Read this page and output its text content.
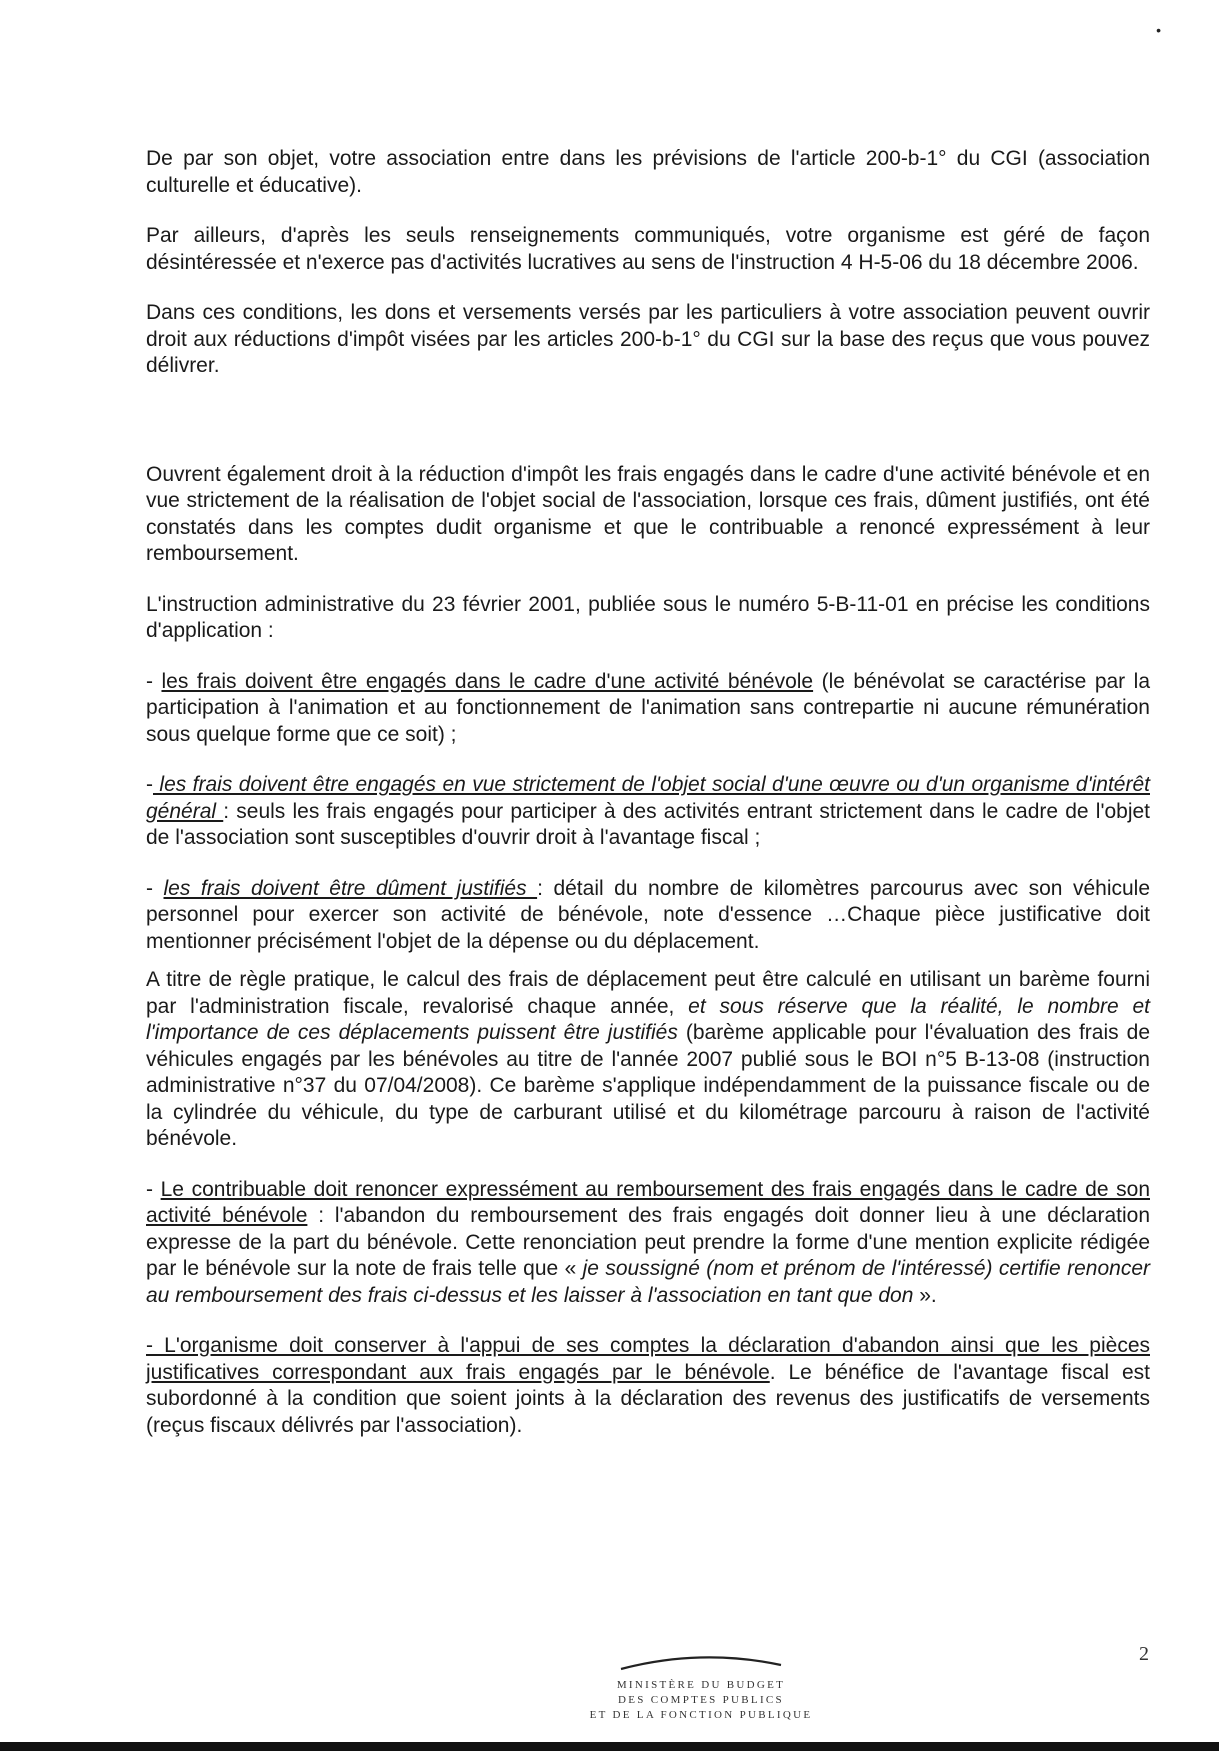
•

De par son objet, votre association entre dans les prévisions de l'article 200-b-1° du CGI (association culturelle et éducative).

Par ailleurs, d'après les seuls renseignements communiqués, votre organisme est géré de façon désintéressée et n'exerce pas d'activités lucratives au sens de l'instruction 4 H-5-06 du 18 décembre 2006.

Dans ces conditions, les dons et versements versés par les particuliers à votre association peuvent ouvrir droit aux réductions d'impôt visées par les articles 200-b-1° du CGI sur la base des reçus que vous pouvez délivrer.

Ouvrent également droit à la réduction d'impôt les frais engagés dans le cadre d'une activité bénévole et en vue strictement de la réalisation de l'objet social de l'association, lorsque ces frais, dûment justifiés, ont été constatés dans les comptes dudit organisme et que le contribuable a renoncé expressément à leur remboursement.

L'instruction administrative du 23 février 2001, publiée sous le numéro 5-B-11-01 en précise les conditions d'application :

- les frais doivent être engagés dans le cadre d'une activité bénévole (le bénévolat se caractérise par la participation à l'animation et au fonctionnement de l'animation sans contrepartie ni aucune rémunération sous quelque forme que ce soit) ;

- les frais doivent être engagés en vue strictement de l'objet social d'une œuvre ou d'un organisme d'intérêt général : seuls les frais engagés pour participer à des activités entrant strictement dans le cadre de l'objet de l'association sont susceptibles d'ouvrir droit à l'avantage fiscal ;

- les frais doivent être dûment justifiés : détail du nombre de kilomètres parcourus avec son véhicule personnel pour exercer son activité de bénévole, note d'essence …Chaque pièce justificative doit mentionner précisément l'objet de la dépense ou du déplacement.

A titre de règle pratique, le calcul des frais de déplacement peut être calculé en utilisant un barème fourni par l'administration fiscale, revalorisé chaque année, et sous réserve que la réalité, le nombre et l'importance de ces déplacements puissent être justifiés (barème applicable pour l'évaluation des frais de véhicules engagés par les bénévoles au titre de l'année 2007 publié sous le BOI n°5 B-13-08 (instruction administrative n°37 du 07/04/2008). Ce barème s'applique indépendamment de la puissance fiscale ou de la cylindrée du véhicule, du type de carburant utilisé et du kilométrage parcouru à raison de l'activité bénévole.

- Le contribuable doit renoncer expressément au remboursement des frais engagés dans le cadre de son activité bénévole : l'abandon du remboursement des frais engagés doit donner lieu à une déclaration expresse de la part du bénévole. Cette renonciation peut prendre la forme d'une mention explicite rédigée par le bénévole sur la note de frais telle que « je soussigné (nom et prénom de l'intéressé) certifie renoncer au remboursement des frais ci-dessus et les laisser à l'association en tant que don ».

- L'organisme doit conserver à l'appui de ses comptes la déclaration d'abandon ainsi que les pièces justificatives correspondant aux frais engagés par le bénévole. Le bénéfice de l'avantage fiscal est subordonné à la condition que soient joints à la déclaration des revenus des justificatifs de versements (reçus fiscaux délivrés par l'association).

2
MINISTÈRE DU BUDGET
DES COMPTES PUBLICS
ET DE LA FONCTION PUBLIQUE
